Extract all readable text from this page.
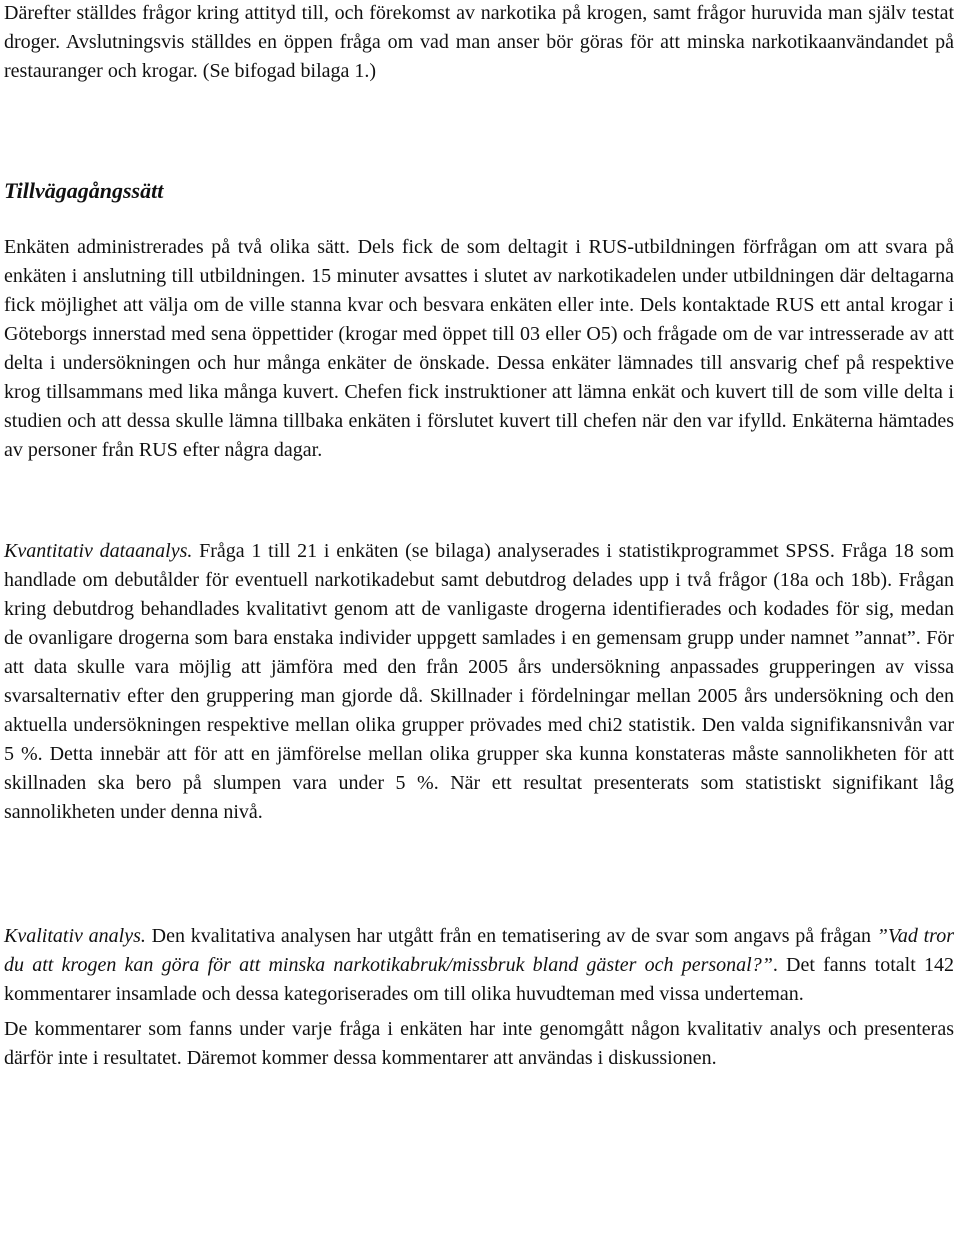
Därefter ställdes frågor kring attityd till, och förekomst av narkotika på krogen, samt frågor huruvida man själv testat droger. Avslutningsvis ställdes en öppen fråga om vad man anser bör göras för att minska narkotikaanvändandet på restauranger och krogar. (Se bifogad bilaga 1.)

Tillvägagångssätt

Enkäten administrerades på två olika sätt. Dels fick de som deltagit i RUS-utbildningen förfrågan om att svara på enkäten i anslutning till utbildningen. 15 minuter avsattes i slutet av narkotikadelen under utbildningen där deltagarna fick möjlighet att välja om de ville stanna kvar och besvara enkäten eller inte. Dels kontaktade RUS ett antal krogar i Göteborgs innerstad med sena öppettider (krogar med öppet till 03 eller O5) och frågade om de var intresserade av att delta i undersökningen och hur många enkäter de önskade. Dessa enkäter lämnades till ansvarig chef på respektive krog tillsammans med lika många kuvert. Chefen fick instruktioner att lämna enkät och kuvert till de som ville delta i studien och att dessa skulle lämna tillbaka enkäten i förslutet kuvert till chefen när den var ifylld. Enkäterna hämtades av personer från RUS efter några dagar.

Kvantitativ dataanalys. Fråga 1 till 21 i enkäten (se bilaga) analyserades i statistikprogrammet SPSS. Fråga 18 som handlade om debutålder för eventuell narkotikadebut samt debutdrog delades upp i två frågor (18a och 18b). Frågan kring debutdrog behandlades kvalitativt genom att de vanligaste drogerna identifierades och kodades för sig, medan de ovanligare drogerna som bara enstaka individer uppgett samlades i en gemensam grupp under namnet ”annat”. För att data skulle vara möjlig att jämföra med den från 2005 års undersökning anpassades grupperingen av vissa svarsalternativ efter den gruppering man gjorde då. Skillnader i fördelningar mellan 2005 års undersökning och den aktuella undersökningen respektive mellan olika grupper prövades med chi2 statistik. Den valda signifikansnivån var 5 %. Detta innebär att för att en jämförelse mellan olika grupper ska kunna konstateras måste sannolikheten för att skillnaden ska bero på slumpen vara under 5 %. När ett resultat presenterats som statistiskt signifikant låg sannolikheten under denna nivå.

Kvalitativ analys. Den kvalitativa analysen har utgått från en tematisering av de svar som angavs på frågan ”Vad tror du att krogen kan göra för att minska narkotikabruk/missbruk bland gäster och personal?”. Det fanns totalt 142 kommentarer insamlade och dessa kategoriserades om till olika huvudteman med vissa underteman.

De kommentarer som fanns under varje fråga i enkäten har inte genomgått någon kvalitativ analys och presenteras därför inte i resultatet. Däremot kommer dessa kommentarer att användas i diskussionen.
